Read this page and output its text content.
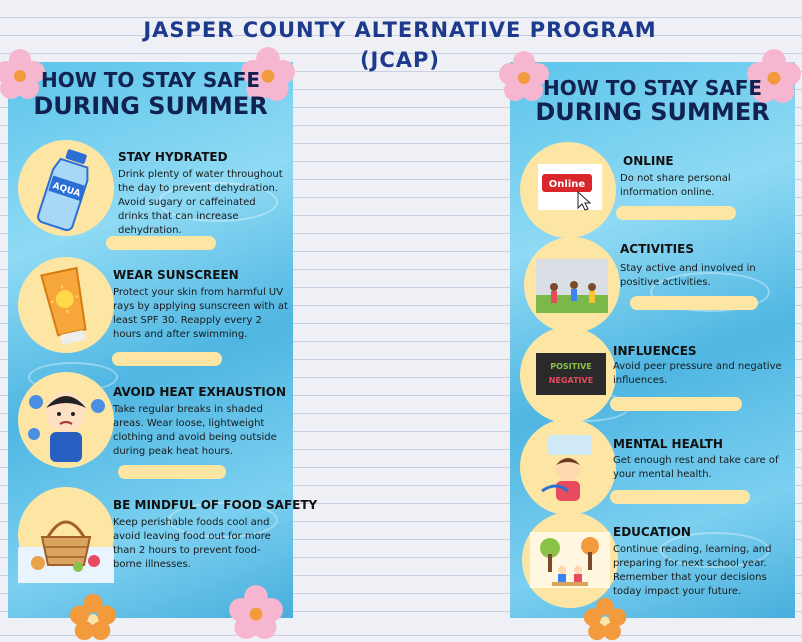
JASPER COUNTY ALTERNATIVE PROGRAM
(JCAP)
HOW TO STAY SAFE
DURING SUMMER
AQUA
STAY HYDRATED
Drink plenty of water throughout the day to prevent dehydration. Avoid sugary or caffeinated drinks that can increase dehydration.
WEAR SUNSCREEN
Protect your skin from harmful UV rays by applying sunscreen with at least SPF 30. Reapply every 2 hours and after swimming.
AVOID HEAT EXHAUSTION
Take regular breaks in shaded areas. Wear loose, lightweight clothing and avoid being outside during peak heat hours.
BE MINDFUL OF FOOD SAFETY
Keep perishable foods cool and avoid leaving food out for more than 2 hours to prevent food-borne illnesses.
HOW TO STAY SAFE
DURING SUMMER
Online
ONLINE
Do not share personal information online.
ACTIVITIES
Stay active and involved in positive activities.
POSITIVE
NEGATIVE
INFLUENCES
Avoid peer pressure and negative influences.
MENTAL HEALTH
Get enough rest and take care of your mental health.
EDUCATION
Continue reading, learning, and preparing for next school year. Remember that your decisions today impact your future.
